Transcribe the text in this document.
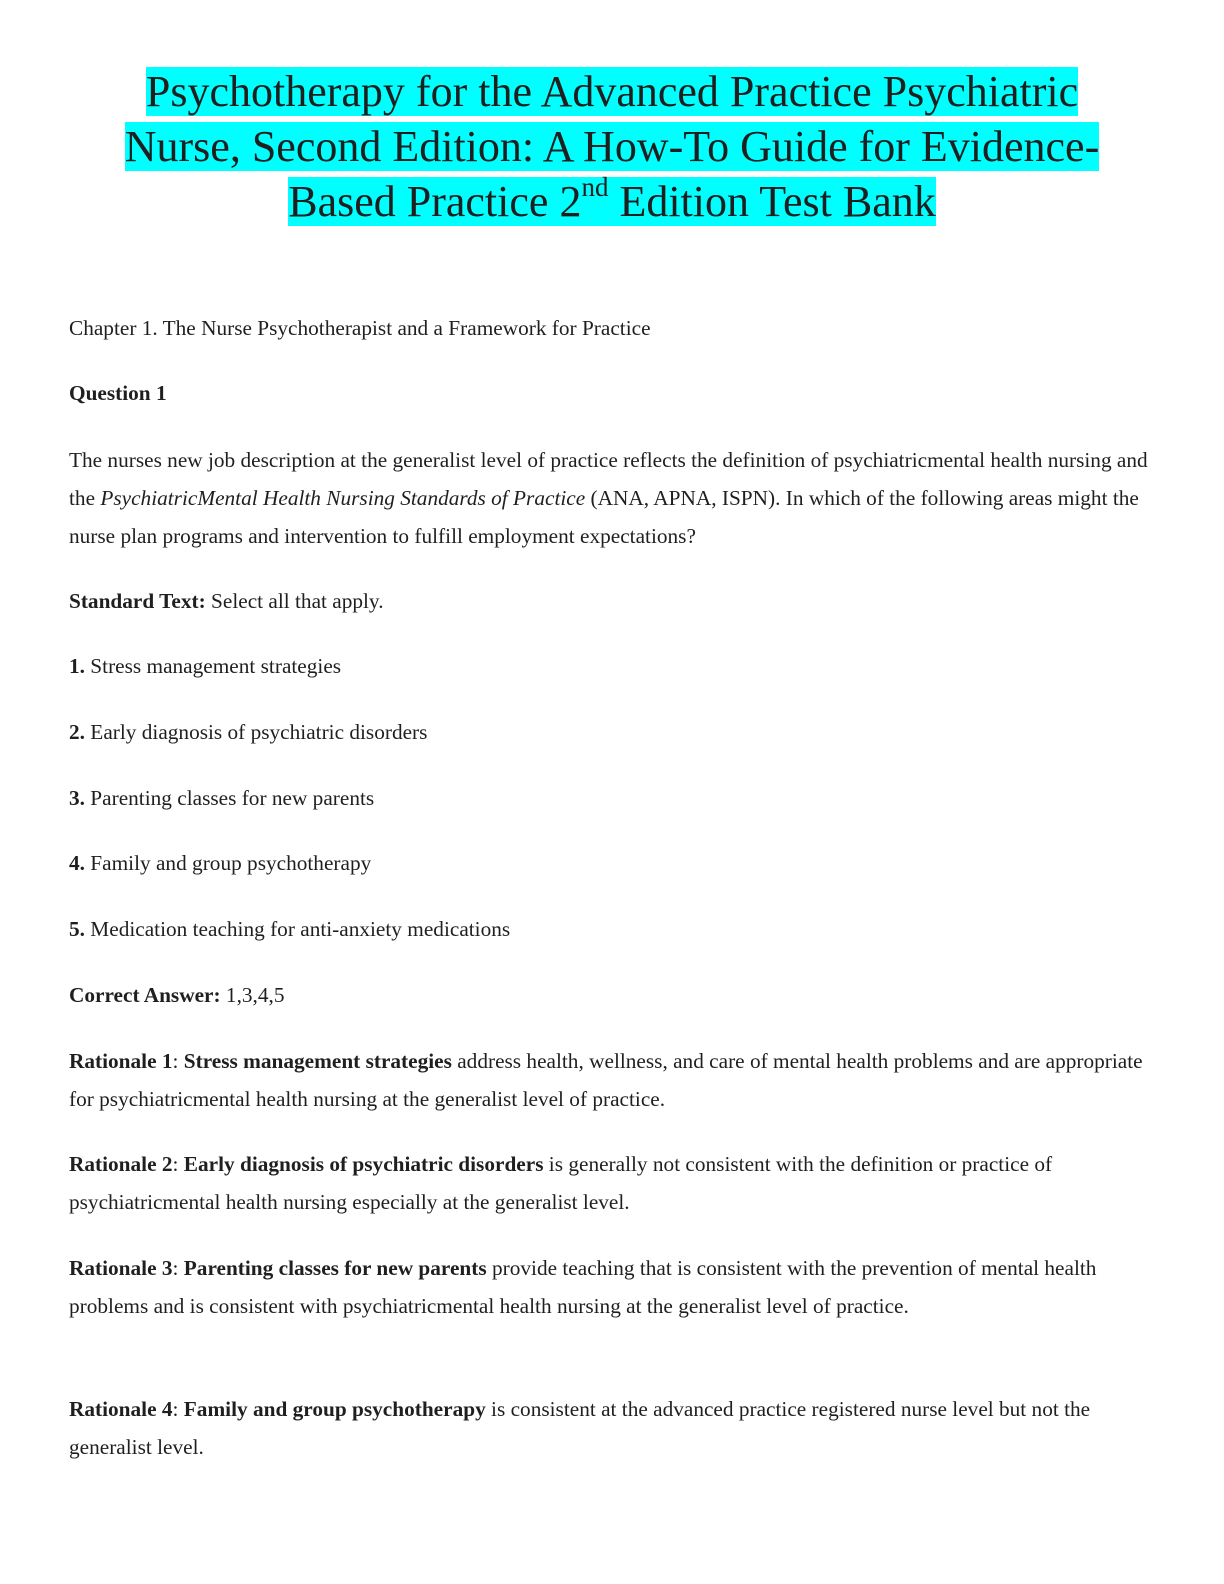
Psychotherapy for the Advanced Practice Psychiatric
Nurse, Second Edition: A How-To Guide for Evidence-
Based Practice 2nd Edition Test Bank
Chapter 1. The Nurse Psychotherapist and a Framework for Practice
Question 1
The nurses new job description at the generalist level of practice reflects the definition of psychiatricmental health nursing and the PsychiatricMental Health Nursing Standards of Practice (ANA, APNA, ISPN). In which of the following areas might the nurse plan programs and intervention to fulfill employment expectations?
Standard Text: Select all that apply.
1. Stress management strategies
2. Early diagnosis of psychiatric disorders
3. Parenting classes for new parents
4. Family and group psychotherapy
5. Medication teaching for anti-anxiety medications
Correct Answer: 1,3,4,5
Rationale 1: Stress management strategies address health, wellness, and care of mental health problems and are appropriate for psychiatricmental health nursing at the generalist level of practice.
Rationale 2: Early diagnosis of psychiatric disorders is generally not consistent with the definition or practice of psychiatricmental health nursing especially at the generalist level.
Rationale 3: Parenting classes for new parents provide teaching that is consistent with the prevention of mental health problems and is consistent with psychiatricmental health nursing at the generalist level of practice.
Rationale 4: Family and group psychotherapy is consistent at the advanced practice registered nurse level but not the generalist level.
